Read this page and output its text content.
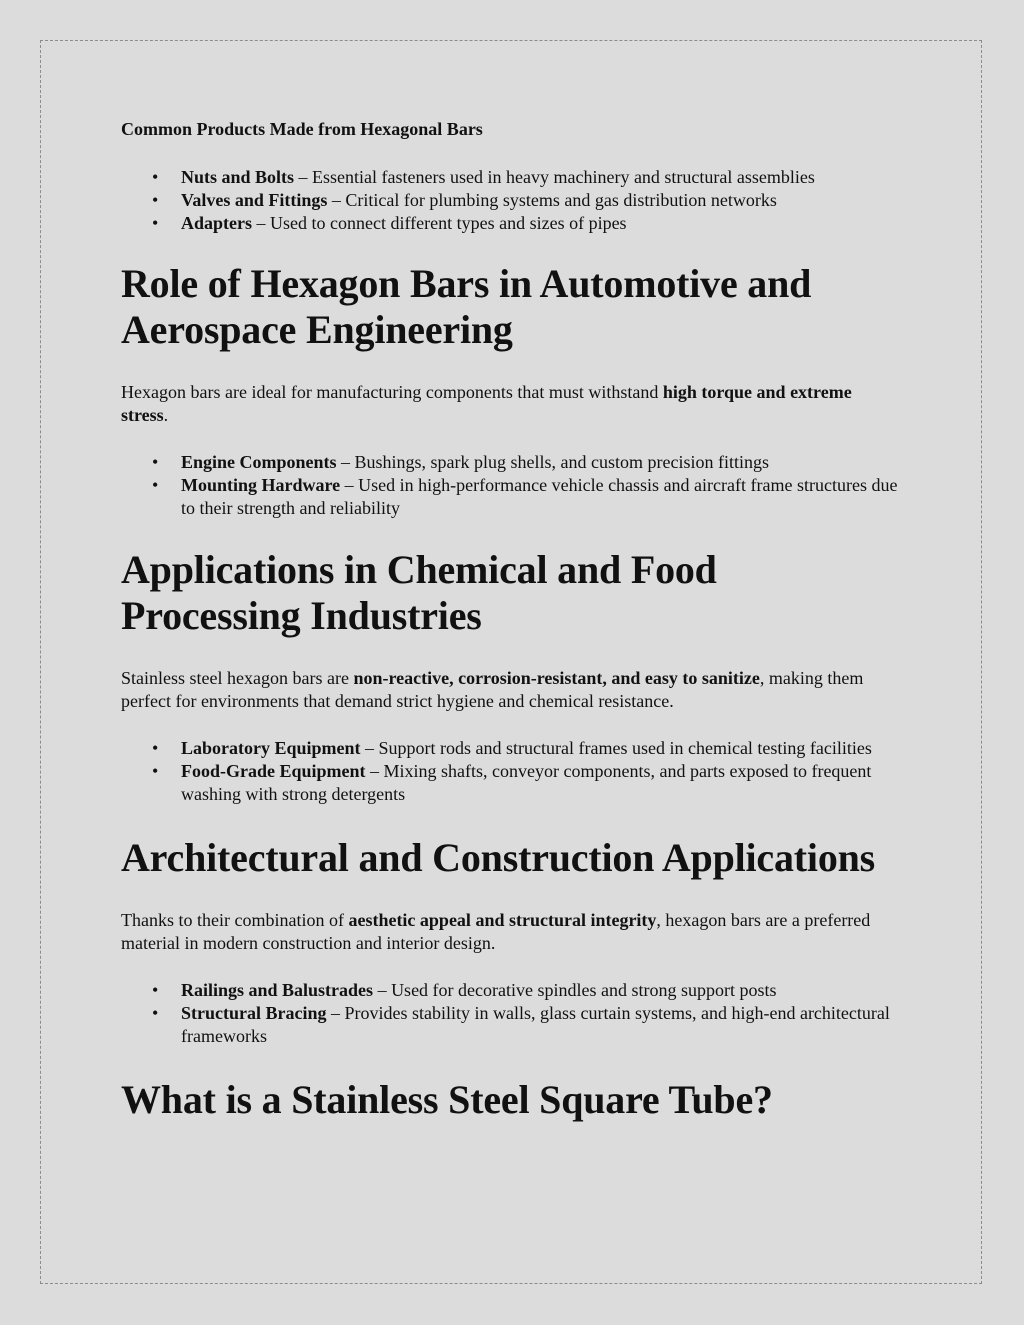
Common Products Made from Hexagonal Bars
• Nuts and Bolts – Essential fasteners used in heavy machinery and structural assemblies
• Valves and Fittings – Critical for plumbing systems and gas distribution networks
• Adapters – Used to connect different types and sizes of pipes
Role of Hexagon Bars in Automotive and Aerospace Engineering

Hexagon bars are ideal for manufacturing components that must withstand high torque and extreme stress.

• Engine Components – Bushings, spark plug shells, and custom precision fittings
• Mounting Hardware – Used in high-performance vehicle chassis and aircraft frame structures due to their strength and reliability
Applications in Chemical and Food Processing Industries

Stainless steel hexagon bars are non-reactive, corrosion-resistant, and easy to sanitize, making them perfect for environments that demand strict hygiene and chemical resistance.

• Laboratory Equipment – Support rods and structural frames used in chemical testing facilities
• Food-Grade Equipment – Mixing shafts, conveyor components, and parts exposed to frequent washing with strong detergents
Architectural and Construction Applications

Thanks to their combination of aesthetic appeal and structural integrity, hexagon bars are a preferred material in modern construction and interior design.

• Railings and Balustrades – Used for decorative spindles and strong support posts
• Structural Bracing – Provides stability in walls, glass curtain systems, and high-end architectural frameworks
What is a Stainless Steel Square Tube?
